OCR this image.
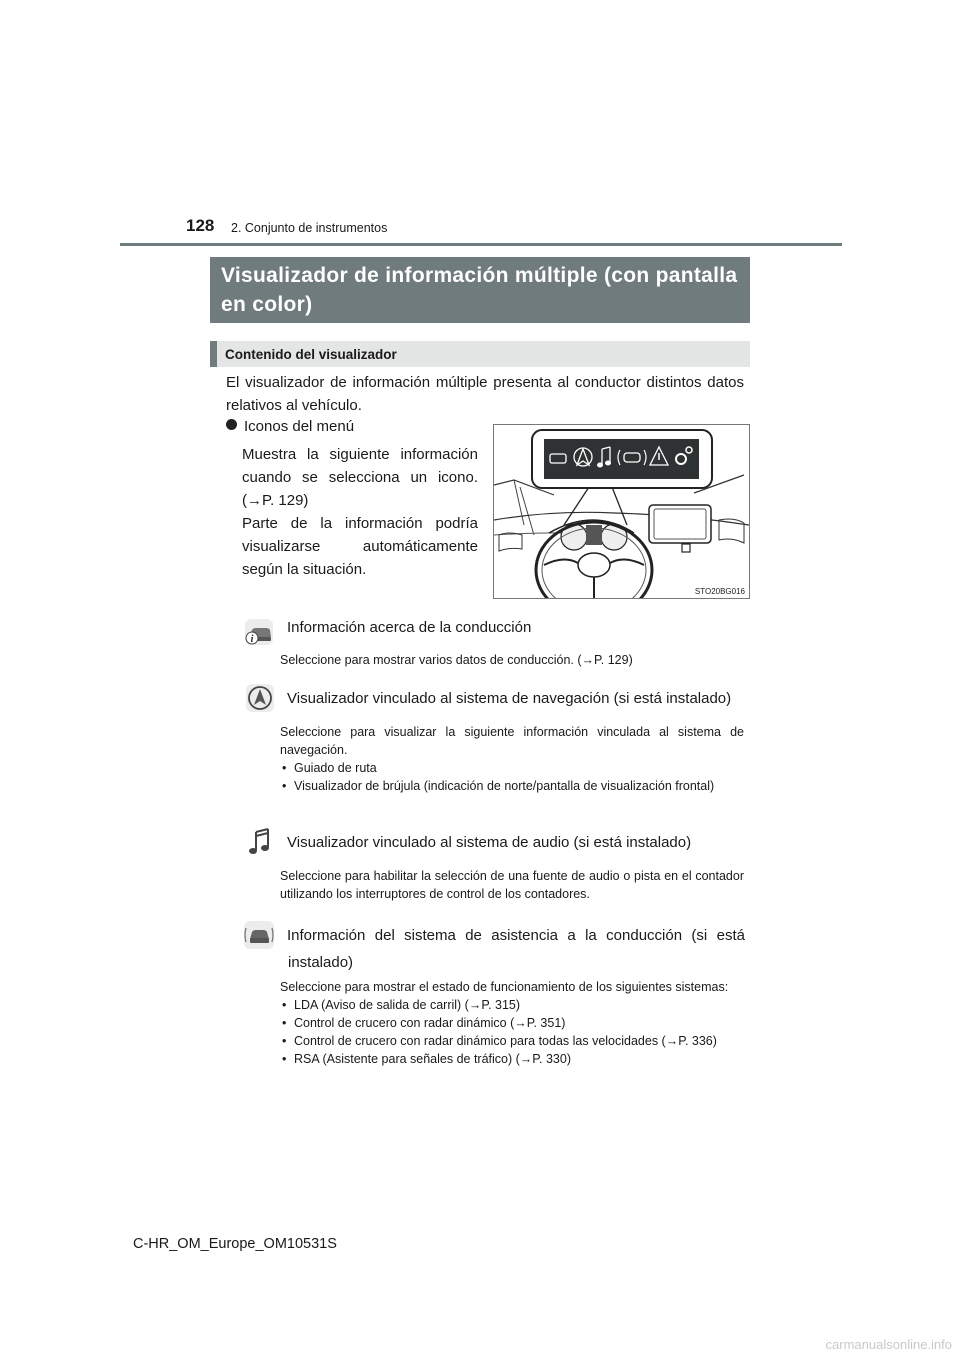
128 2. Conjunto de instrumentos
Visualizador de información múltiple (con pantalla en color)
Contenido del visualizador
El visualizador de información múltiple presenta al conductor distintos datos relativos al vehículo.
Iconos del menú

Muestra la siguiente información cuando se selecciona un icono. (→P. 129)

Parte de la información podría visualizarse automáticamente según la situación.

STO20BG016
i
Información acerca de la conducción
Seleccione para mostrar varios datos de conducción. (→P. 129)
Visualizador vinculado al sistema de navegación (si está instalado)
Seleccione para visualizar la siguiente información vinculada al sistema de navegación.
• Guiado de ruta
• Visualizador de brújula (indicación de norte/pantalla de visualización frontal)
Visualizador vinculado al sistema de audio (si está instalado)
Seleccione para habilitar la selección de una fuente de audio o pista en el contador utilizando los interruptores de control de los contadores.
Información del sistema de asistencia a la conducción (si está
instalado)
Seleccione para mostrar el estado de funcionamiento de los siguientes sistemas:
• LDA (Aviso de salida de carril) (→P. 315)
• Control de crucero con radar dinámico (→P. 351)
• Control de crucero con radar dinámico para todas las velocidades (→P. 336)
• RSA (Asistente para señales de tráfico) (→P. 330)
C-HR_OM_Europe_OM10531S
carmanualsonline.info
